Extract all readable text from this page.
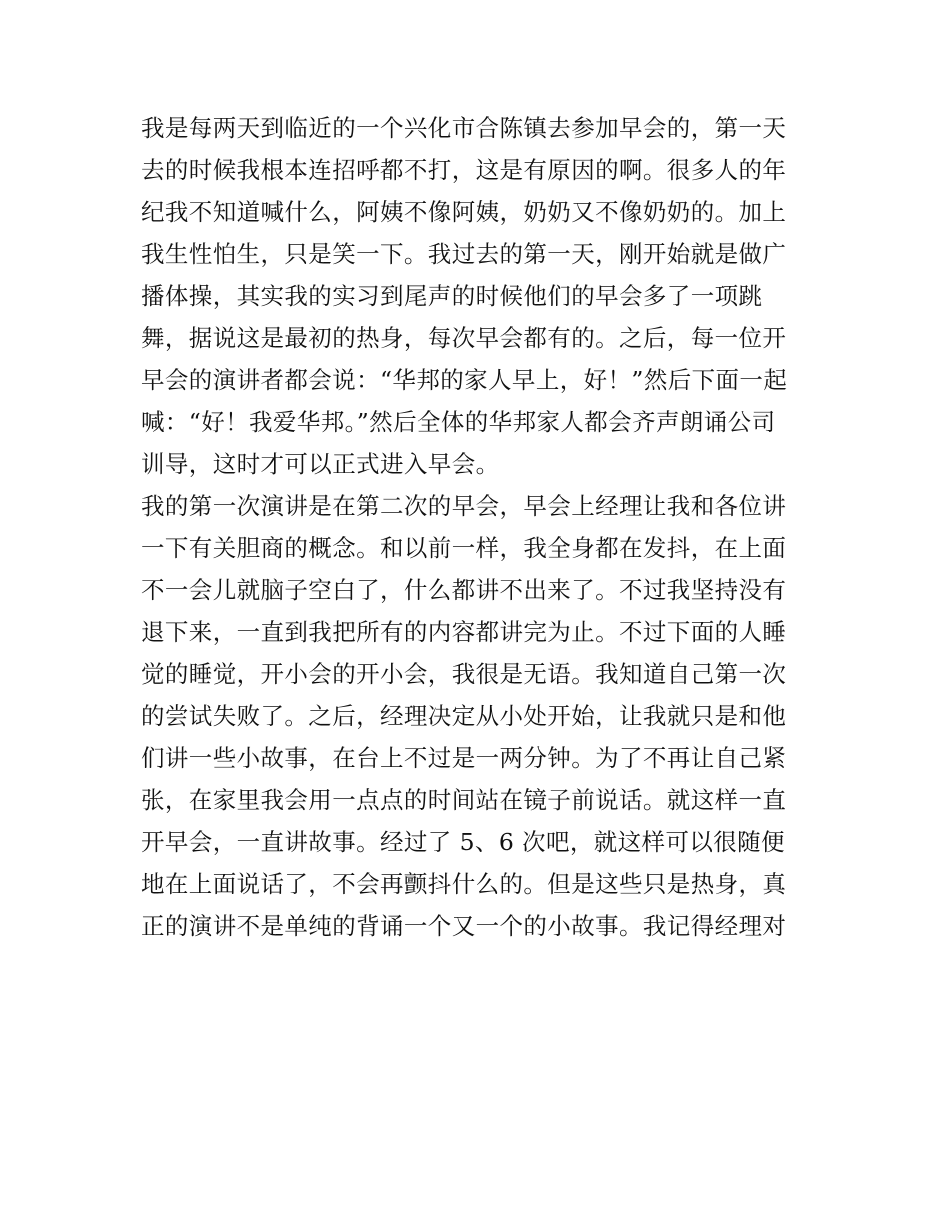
我是每两天到临近的一个兴化市合陈镇去参加早会的，第一天
去的时候我根本连招呼都不打，这是有原因的啊。很多人的年
纪我不知道喊什么，阿姨不像阿姨，奶奶又不像奶奶的。加上
我生性怕生，只是笑一下。我过去的第一天，刚开始就是做广
播体操，其实我的实习到尾声的时候他们的早会多了一项跳
舞，据说这是最初的热身，每次早会都有的。之后，每一位开
早会的演讲者都会说：“华邦的家人早上，好！”然后下面一起
喊：“好！我爱华邦。”然后全体的华邦家人都会齐声朗诵公司
训导，这时才可以正式进入早会。
我的第一次演讲是在第二次的早会，早会上经理让我和各位讲
一下有关胆商的概念。和以前一样，我全身都在发抖，在上面
不一会儿就脑子空白了，什么都讲不出来了。不过我坚持没有
退下来，一直到我把所有的内容都讲完为止。不过下面的人睡
觉的睡觉，开小会的开小会，我很是无语。我知道自己第一次
的尝试失败了。之后，经理决定从小处开始，让我就只是和他
们讲一些小故事，在台上不过是一两分钟。为了不再让自己紧
张，在家里我会用一点点的时间站在镜子前说话。就这样一直
开早会，一直讲故事。经过了 5、6 次吧，就这样可以很随便
地在上面说话了，不会再颤抖什么的。但是这些只是热身，真
正的演讲不是单纯的背诵一个又一个的小故事。我记得经理对
